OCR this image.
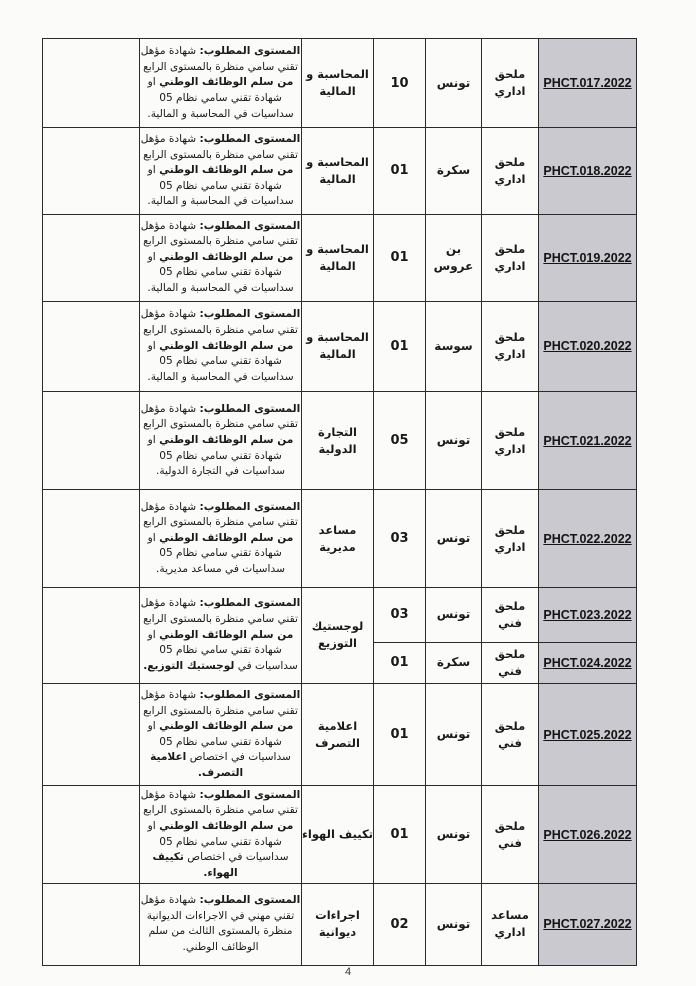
	المستوى المطلوب: شهادة مؤهل تقني سامي منظرة بالمستوى الرابع من سلم الوظائف الوطني او شهادة تقني سامي نظام 05 سداسيات في المحاسبة و المالية.	المحاسبة و المالية	10	تونس	ملحق اداري	PHCT.017.2022
	المستوى المطلوب: شهادة مؤهل تقني سامي منظرة بالمستوى الرابع من سلم الوظائف الوطني او شهادة تقني سامي نظام 05 سداسيات في المحاسبة و المالية.	المحاسبة و المالية	01	سكرة	ملحق اداري	PHCT.018.2022
	المستوى المطلوب: شهادة مؤهل تقني سامي منظرة بالمستوى الرابع من سلم الوظائف الوطني او شهادة تقني سامي نظام 05 سداسيات في المحاسبة و المالية.	المحاسبة و المالية	01	بن عروس	ملحق اداري	PHCT.019.2022
	المستوى المطلوب: شهادة مؤهل تقني سامي منظرة بالمستوى الرابع من سلم الوظائف الوطني او شهادة تقني سامي نظام 05 سداسيات في المحاسبة و المالية.	المحاسبة و المالية	01	سوسة	ملحق اداري	PHCT.020.2022
	المستوى المطلوب: شهادة مؤهل تقني سامي منظرة بالمستوى الرابع من سلم الوظائف الوطني او شهادة تقني سامي نظام 05 سداسيات في التجارة الدولية.	التجارة الدولية	05	تونس	ملحق اداري	PHCT.021.2022
	المستوى المطلوب: شهادة مؤهل تقني سامي منظرة بالمستوى الرابع من سلم الوظائف الوطني او شهادة تقني سامي نظام 05 سداسيات في مساعد مديرية.	مساعد مديرية	03	تونس	ملحق اداري	PHCT.022.2022
	المستوى المطلوب: شهادة مؤهل تقني سامي منظرة بالمستوى الرابع من سلم الوظائف الوطني او شهادة تقني سامي نظام 05 سداسيات في لوجستيك التوزيع.	لوجستيك التوزيع	03	تونس	ملحق فني	PHCT.023.2022
			01	سكرة	ملحق فني	PHCT.024.2022
	المستوى المطلوب: شهادة مؤهل تقني سامي منظرة بالمستوى الرابع من سلم الوظائف الوطني او شهادة تقني سامي نظام 05 سداسيات في اختصاص اعلامية التصرف.	اعلامية التصرف	01	تونس	ملحق فني	PHCT.025.2022
	المستوى المطلوب: شهادة مؤهل تقني سامي منظرة بالمستوى الرابع من سلم الوظائف الوطني او شهادة تقني سامي نظام 05 سداسيات في اختصاص تكييف الهواء.	تكييف الهواء	01	تونس	ملحق فني	PHCT.026.2022
	المستوى المطلوب: شهادة مؤهل تقني مهني في الاجراءات الديوانية منظرة بالمستوى الثالث من سلم الوظائف الوطني.	اجراءات ديوانية	02	تونس	مساعد اداري	PHCT.027.2022
4
